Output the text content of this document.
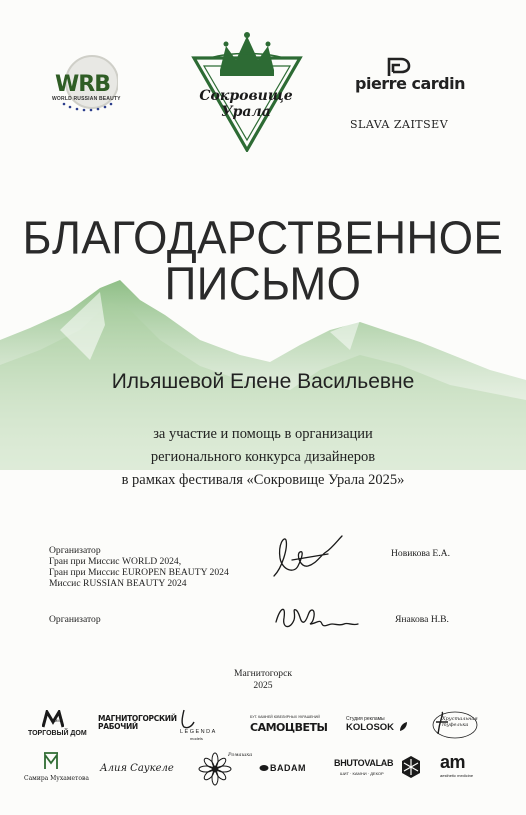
WRB
WORLD RUSSIAN BEAUTY	Сокровище
Урала
pierre cardin
SLAVA ZAITSEV
БЛАГОДАРСТВЕННОЕ
ПИСЬМО
Ильяшевой Елене Васильевне
за участие и помощь в организации
регионального конкурса дизайнеров
в рамках фестиваля «Сокровище Урала 2025»
Организатор
Гран при Миссис WORLD 2024,
Гран при Миссис EUROPEN BEAUTY 2024
Миссис RUSSIAN BEAUTY 2024
Новикова Е.А.
Организатор	Янакова Н.В.
Магнитогорск
2025
ММК
ТОРГОВЫЙ ДОМ
МАГНИТОГОРСКИЙ РАБОЧИЙ
LEGENDA
models
БУТ. КАМНЕЙ ЮВЕЛИРНЫХ УКРАШЕНИЙ
САМОЦВЕТЫ
Студия рекламы
KOLOSOK
Хрустальная туфелька
Самира Мухаметова
Алия Саукеле
Ромашка
BADAM	BHUTOVALAB
ШИТ · КАМНИ · ДЕКОР
am
aesthetic medicine
